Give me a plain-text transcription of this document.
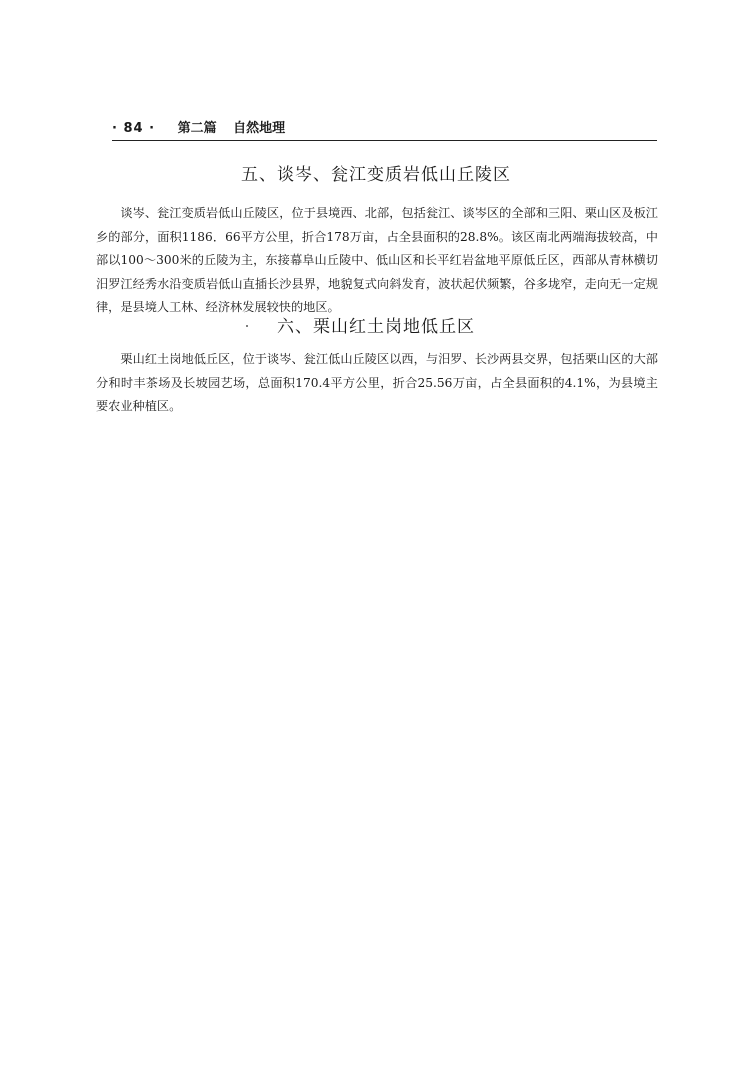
· 84 · 第二篇 自然地理
五、谈岑、瓮江变质岩低山丘陵区

谈岑、瓮江变质岩低山丘陵区，位于县境西、北部，包括瓮江、谈岑区的全部和三阳、栗山区及板江乡的部分，面积1186．66平方公里，折合178万亩，占全县面积的28.8%。该区南北两端海拔较高，中部以100～300米的丘陵为主，东接幕阜山丘陵中、低山区和长平红岩盆地平原低丘区，西部从青林横切汨罗江经秀水沿变质岩低山直插长沙县界，地貌复式向斜发育，波状起伏频繁，谷多垅窄，走向无一定规律，是县境人工林、经济林发展较快的地区。

六、栗山红土岗地低丘区

栗山红土岗地低丘区，位于谈岑、瓮江低山丘陵区以西，与汨罗、长沙两县交界，包括栗山区的大部分和时丰茶场及长坡园艺场，总面积170.4平方公里，折合25.56万亩，占全县面积的4.1%，为县境主要农业种植区。
